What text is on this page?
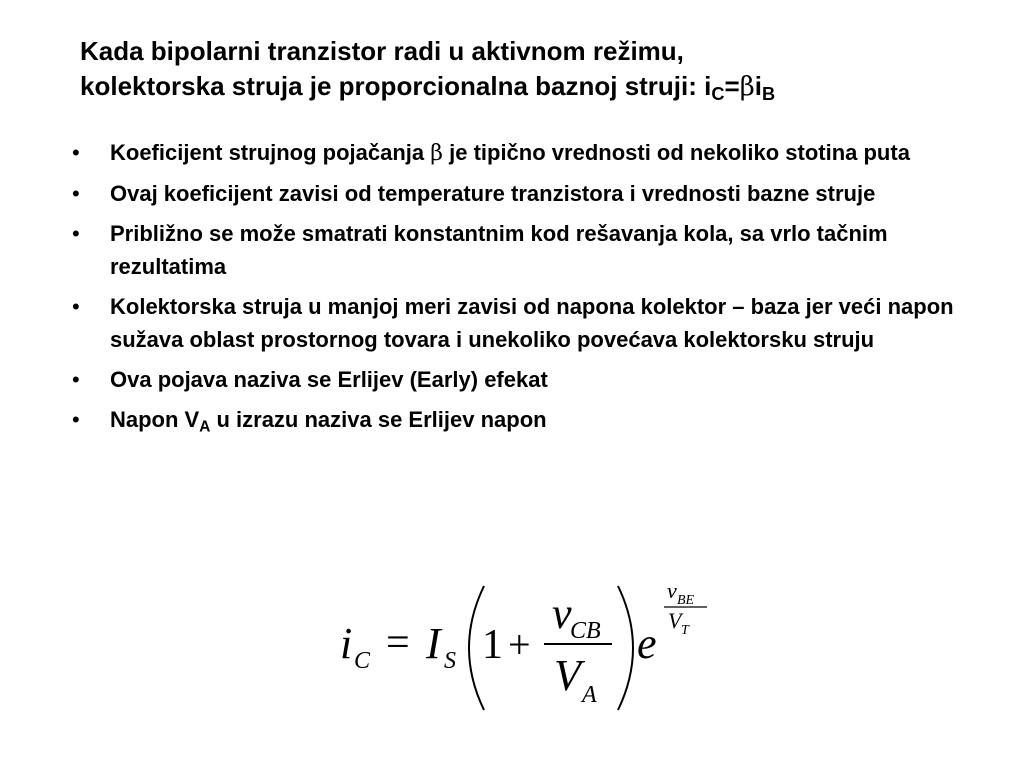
Kada bipolarni tranzistor radi u aktivnom režimu,
kolektorska struja je proporcionalna baznoj struji: $i_C=\beta i_B$
• Koeficijent strujnog pojačanja β je tipično vrednosti od nekoliko stotina puta
• Ovaj koeficijent zavisi od temperature tranzistora i vrednosti bazne struje
• Približno se može smatrati konstantnim kod rešavanja kola, sa vrlo tačnim rezultatima
• Kolektorska struja u manjoj meri zavisi od napona kolektor – baza jer veći napon sužava oblast prostornog tovara i unekoliko povećava kolektorsku struju
• Ova pojava naziva se Erlijev (Early) efekat
• Napon $V_A$ u izrazu naziva se Erlijev napon
i C = I S 1 +
v
CB
V A
e
v BE
V T
